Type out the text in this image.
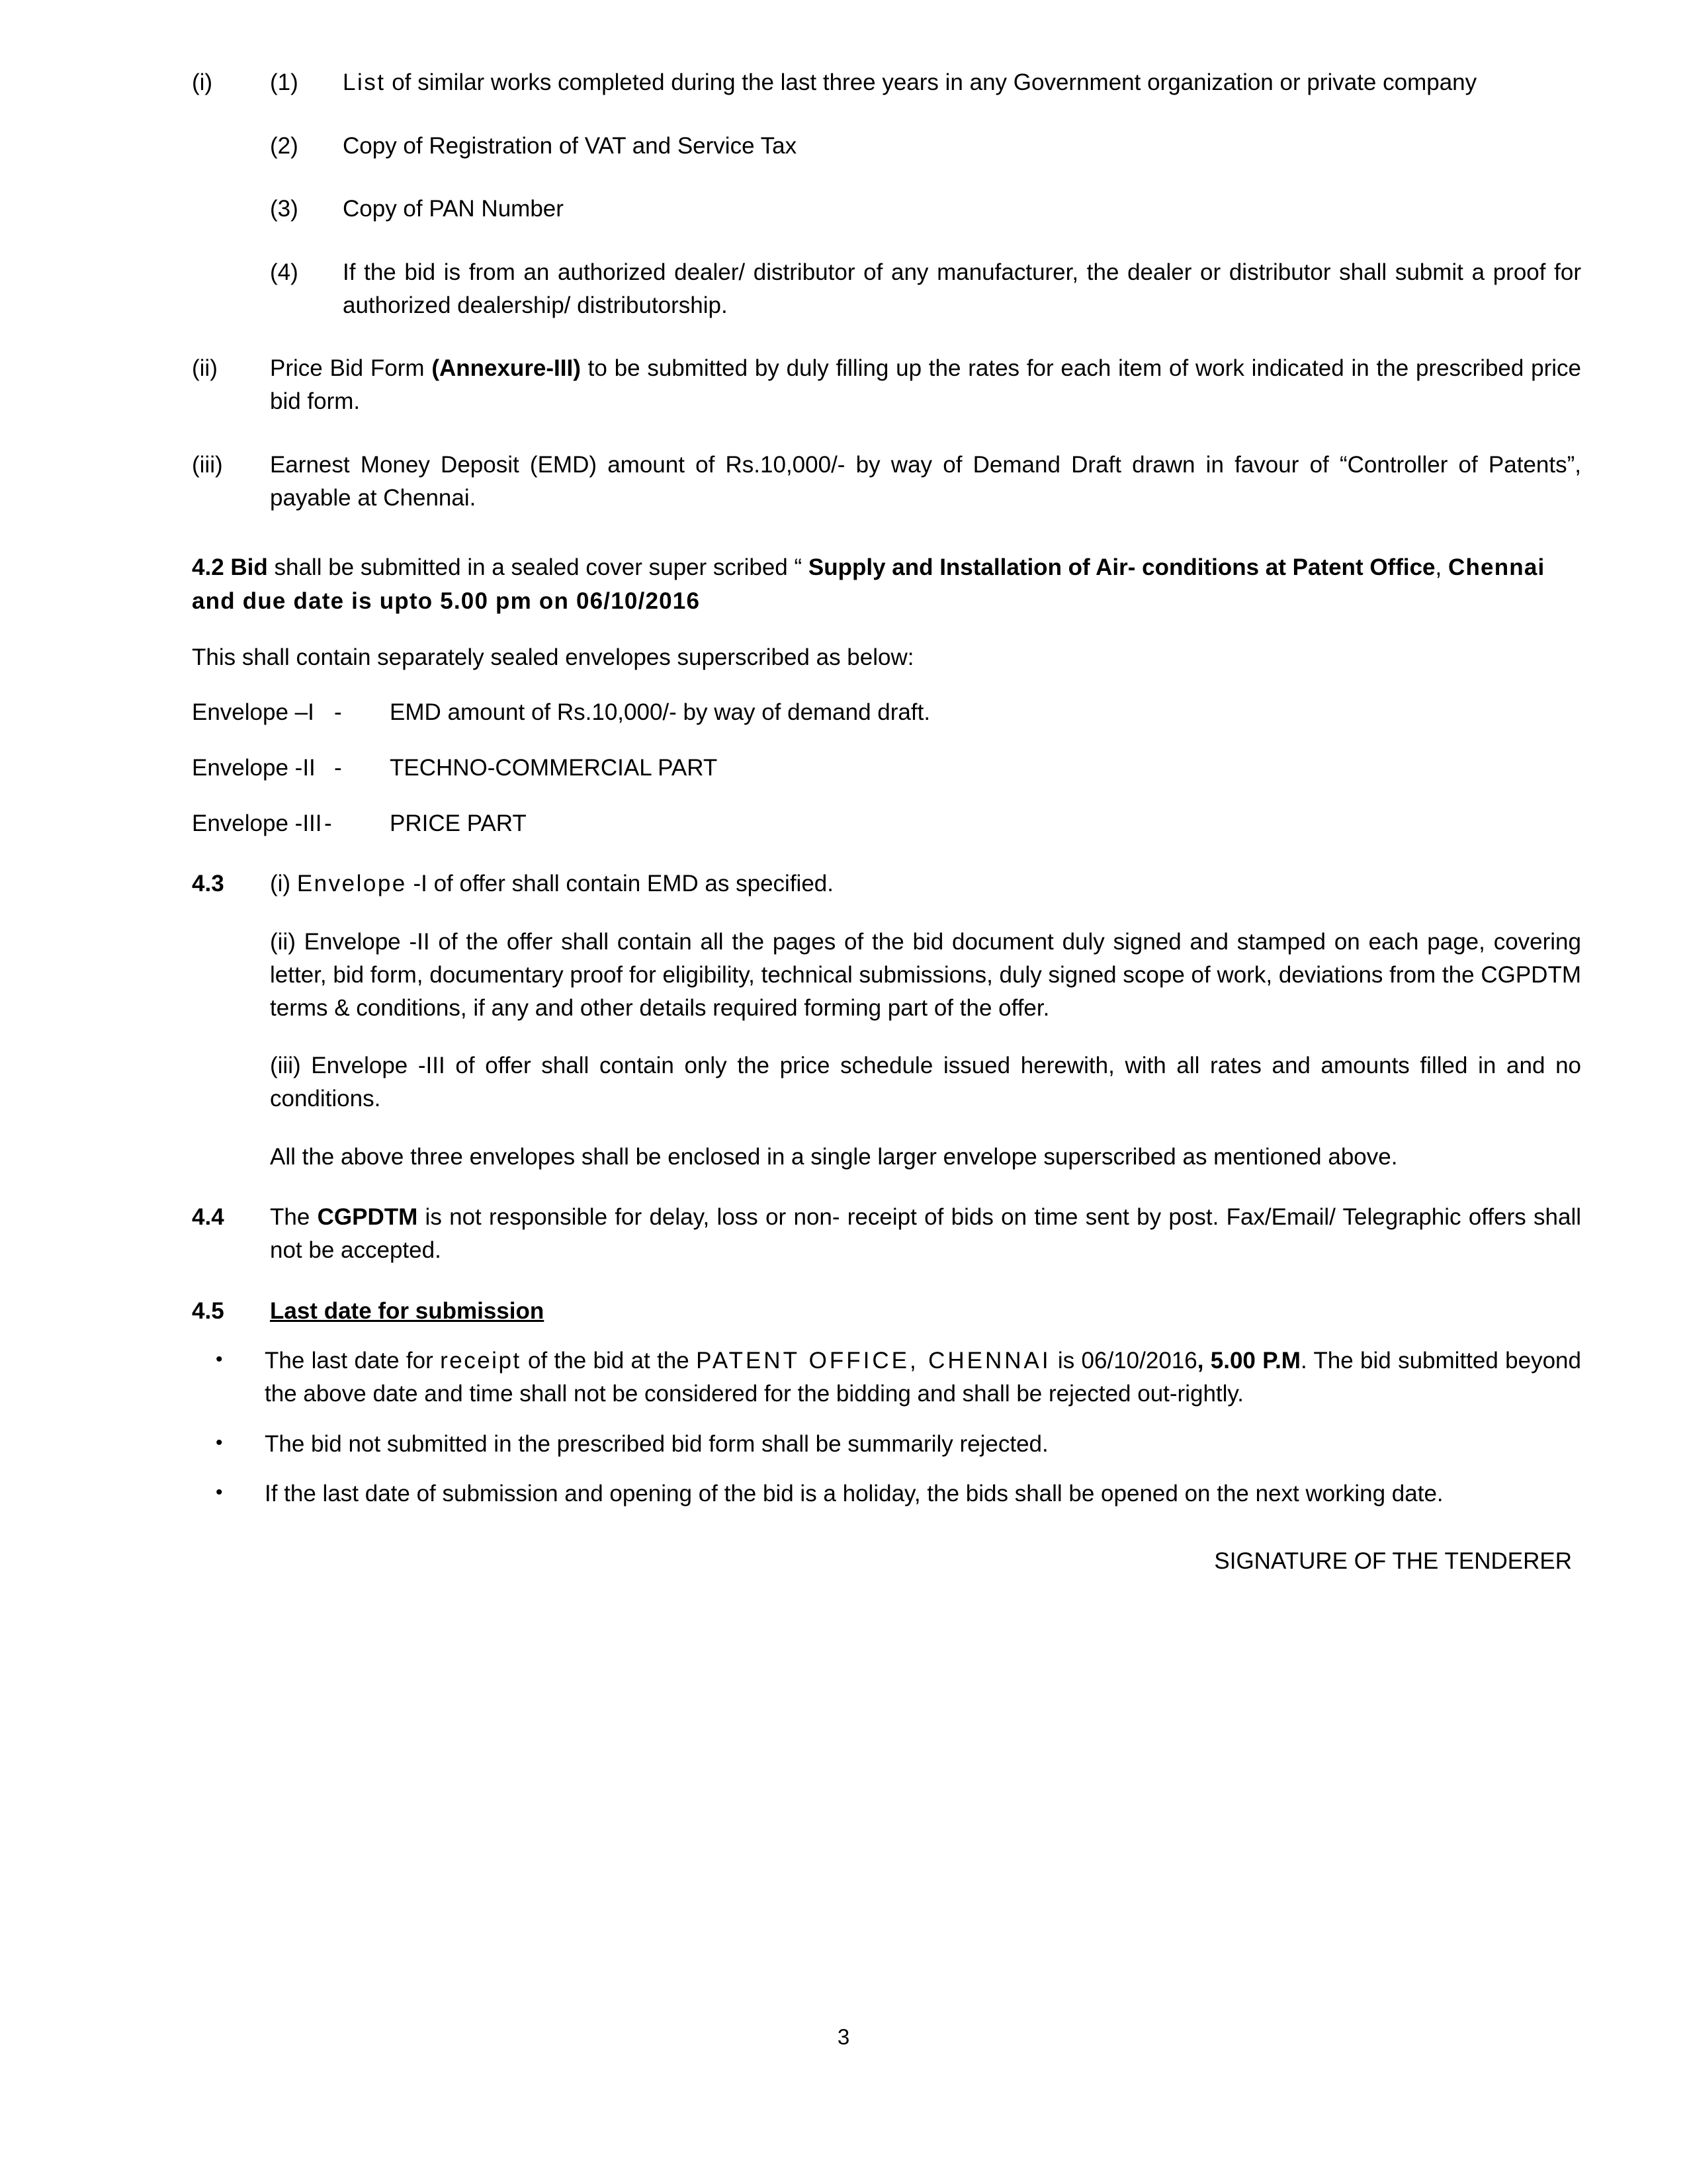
(i)	(1)	List of similar works completed during the last three years in any Government organization or private company
(2)	Copy of Registration of VAT and Service Tax
(3)	Copy of PAN Number
(4)	If the bid is from an authorized dealer/ distributor of any manufacturer, the dealer or distributor shall submit a proof for authorized dealership/ distributorship.
(ii)	Price Bid Form (Annexure-III) to be submitted by duly filling up the rates for each item of work indicated in the prescribed price bid form.
(iii)	Earnest Money Deposit (EMD) amount of Rs.10,000/- by way of Demand Draft drawn in favour of “Controller of Patents”, payable at Chennai.
4.2 Bid shall be submitted in a sealed cover super scribed “ Supply and Installation of Air- conditions at Patent Office, Chennai and due date is upto 5.00 pm on 06/10/2016
This shall contain separately sealed envelopes superscribed as below:
Envelope –I -	EMD amount of Rs.10,000/- by way of demand draft.
Envelope -II -	TECHNO-COMMERCIAL PART
Envelope -III -	PRICE PART
4.3	(i) Envelope -I of offer shall contain EMD as specified.

(ii) Envelope -II of the offer shall contain all the pages of the bid document duly signed and stamped on each page, covering letter, bid form, documentary proof for eligibility, technical submissions, duly signed scope of work, deviations from the CGPDTM terms & conditions, if any and other details required forming part of the offer.

(iii) Envelope -III of offer shall contain only the price schedule issued herewith, with all rates and amounts filled in and no conditions.

All the above three envelopes shall be enclosed in a single larger envelope superscribed as mentioned above.

4.4	The CGPDTM is not responsible for delay, loss or non- receipt of bids on time sent by post. Fax/Email/ Telegraphic offers shall not be accepted.

4.5	Last date for submission

•	The last date for receipt of the bid at the PATENT OFFICE, CHENNAI is 06/10/2016, 5.00 P.M. The bid submitted beyond the above date and time shall not be considered for the bidding and shall be rejected out-rightly.
•	The bid not submitted in the prescribed bid form shall be summarily rejected.
•	If the last date of submission and opening of the bid is a holiday, the bids shall be opened on the next working date.
SIGNATURE OF THE TENDERER
3
